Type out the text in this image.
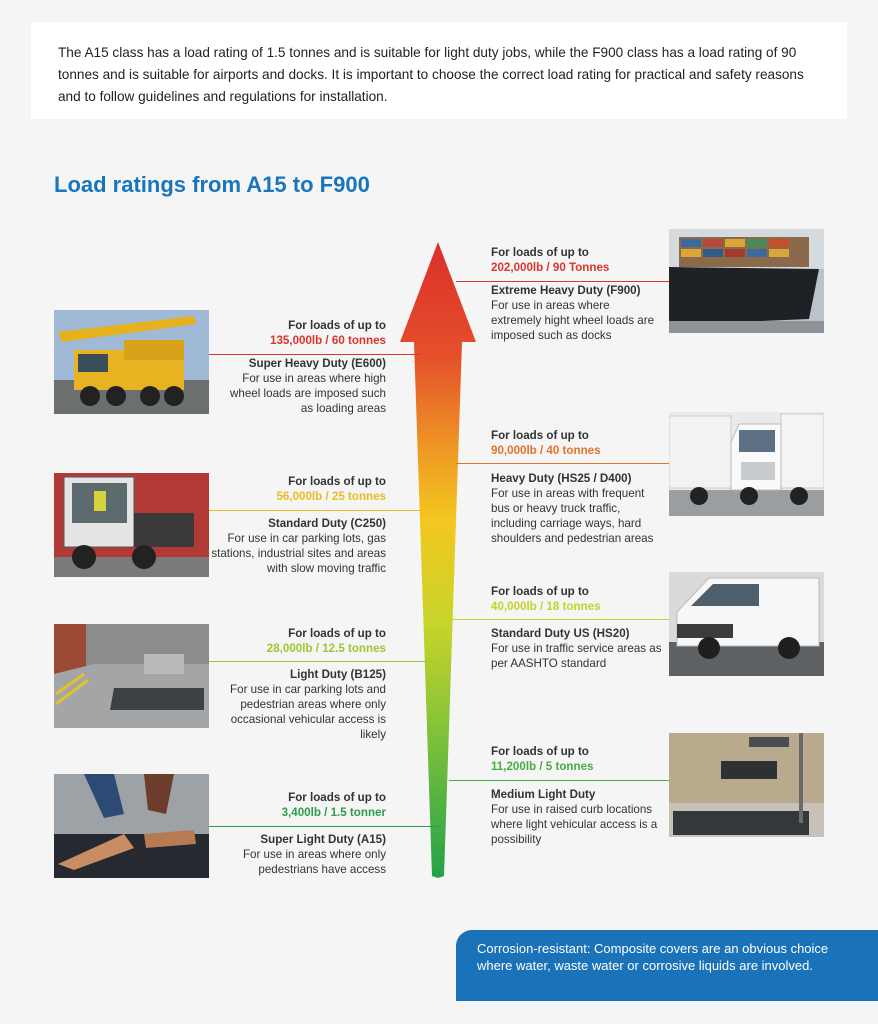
The A15 class has a load rating of 1.5 tonnes and is suitable for light duty jobs, while the F900 class has a load rating of 90 tonnes and is suitable for airports and docks. It is important to choose the correct load rating for practical and safety reasons and to follow guidelines and regulations for installation.

Load ratings from A15 to F900
For loads of up to
202,000lb / 90 Tonnes
Extreme Heavy Duty (F900)
For use in areas where extremely hight wheel loads are imposed such as docks
For loads of up to
135,000lb / 60 tonnes
Super Heavy Duty (E600)
For use in areas where high wheel loads are imposed such as loading areas
For loads of up to
90,000lb / 40 tonnes
Heavy Duty (HS25 / D400)
For use in areas with frequent bus or heavy truck traffic, including carriage ways, hard shoulders and pedestrian areas
For loads of up to
56,000lb / 25 tonnes
Standard Duty (C250)
For use in car parking lots, gas stations, industrial sites and areas with slow moving traffic
For loads of up to
40,000lb / 18 tonnes
Standard Duty US (HS20)
For use in traffic service areas as per AASHTO standard
For loads of up to
28,000lb / 12.5 tonnes
Light Duty (B125)
For use in car parking lots and pedestrian areas where only occasional vehicular access is likely
For loads of up to
11,200lb / 5 tonnes
Medium Light Duty
For use in raised curb locations where light vehicular access is a possibility
For loads of up to
3,400lb / 1.5 tonner
Super Light Duty (A15)
For use in areas where only pedestrians have access

Corrosion-resistant: Composite covers are an obvious choice where water, waste water or corrosive liquids are involved.
